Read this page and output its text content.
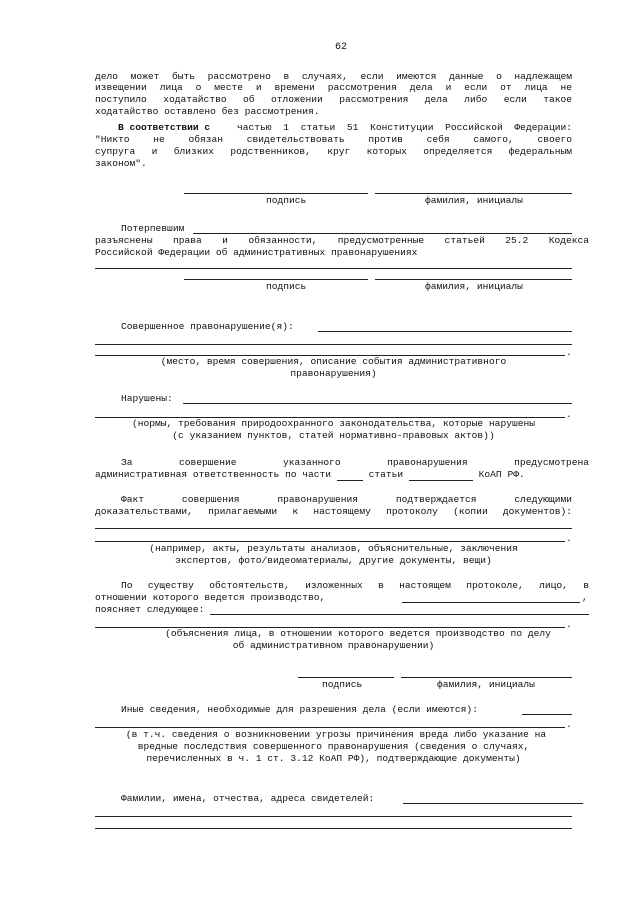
62
дело может быть рассмотрено в случаях, если имеются данные о надлежащем
извещении лица о месте и времени рассмотрения дела и если от лица не
поступило ходатайство об отложении рассмотрения дела либо если такое
ходатайство оставлено без рассмотрения.
В соответствии с	частью 1 статьи 51 Конституции Российской Федерации:
"Никто не обязан свидетельствовать против себя самого, своего
супруга и близких родственников, круг которых определяется федеральным
законом".
подпись	фамилия, инициалы
Потерпевшим
разъяснены права и обязанности, предусмотренные статьей 25.2 Кодекса
Российской Федерации об административных правонарушениях
подпись	фамилия, инициалы
Совершенное правонарушение(я):
.
(место, время совершения, описание события административного
правонарушения)
Нарушены:
.
(нормы, требования природоохранного законодательства, которые нарушены
(с указанием пунктов, статей нормативно-правовых актов))
За совершение указанного правонарушения предусмотрена
административная ответственность по части	статьи	КоАП РФ.
Факт совершения правонарушения подтверждается следующими
доказательствами, прилагаемыми к настоящему протоколу (копии документов):
.
(например, акты, результаты анализов, объяснительные, заключения
экспертов, фото/видеоматериалы, другие документы, вещи)
По существу обстоятельств, изложенных в настоящем протоколе, лицо, в
отношении которого ведется производство,	,
поясняет следующее:
.
(объяснения лица, в отношении которого ведется производство по делу
об административном правонарушении)
подпись	фамилия, инициалы
Иные сведения, необходимые для разрешения дела (если имеются):
.
(в т.ч. сведения о возникновении угрозы причинения вреда либо указание на
вредные последствия совершенного правонарушения (сведения о случаях,
перечисленных в ч. 1 ст. 3.12 КоАП РФ), подтверждающие документы)
Фамилии, имена, отчества, адреса свидетелей:
